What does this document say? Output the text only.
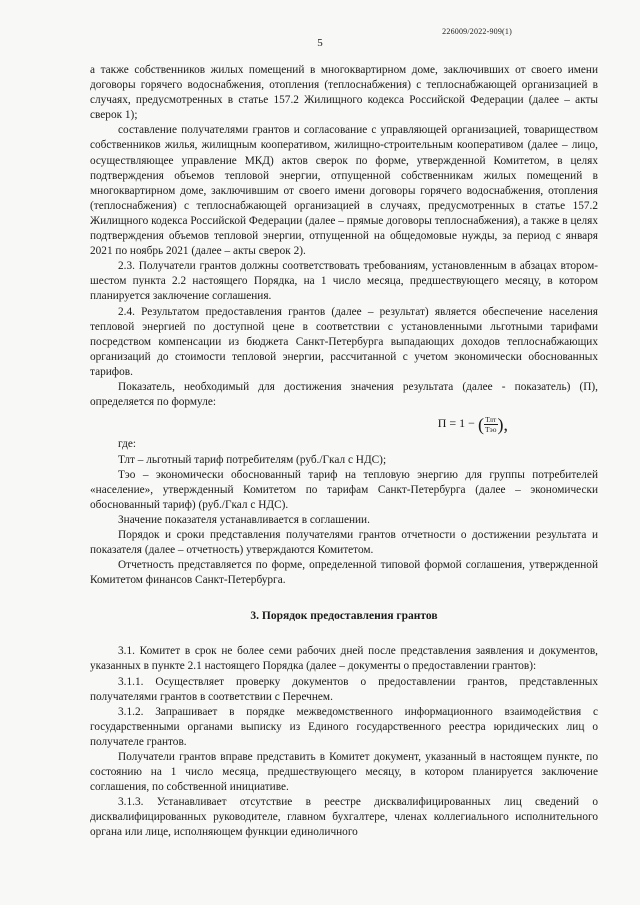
226009/2022-909(1)
5

а также собственников жилых помещений в многоквартирном доме, заключивших от своего имени договоры горячего водоснабжения, отопления (теплоснабжения) с теплоснабжающей организацией в случаях, предусмотренных в статье 157.2 Жилищного кодекса Российской Федерации (далее – акты сверок 1);

составление получателями грантов и согласование с управляющей организацией, товариществом собственников жилья, жилищным кооперативом, жилищно-строительным кооперативом (далее – лицо, осуществляющее управление МКД) актов сверок по форме, утвержденной Комитетом, в целях подтверждения объемов тепловой энергии, отпущенной собственникам жилых помещений в многоквартирном доме, заключившим от своего имени договоры горячего водоснабжения, отопления (теплоснабжения) с теплоснабжающей организацией в случаях, предусмотренных в статье 157.2 Жилищного кодекса Российской Федерации (далее – прямые договоры теплоснабжения), а также в целях подтверждения объемов тепловой энергии, отпущенной на общедомовые нужды, за период с января 2021 по ноябрь 2021 (далее – акты сверок 2).

2.3. Получатели грантов должны соответствовать требованиям, установленным в абзацах втором-шестом пункта 2.2 настоящего Порядка, на 1 число месяца, предшествующего месяцу, в котором планируется заключение соглашения.

2.4. Результатом предоставления грантов (далее – результат) является обеспечение населения тепловой энергией по доступной цене в соответствии с установленными льготными тарифами посредством компенсации из бюджета Санкт-Петербурга выпадающих доходов теплоснабжающих организаций до стоимости тепловой энергии, рассчитанной с учетом экономически обоснованных тарифов.

Показатель, необходимый для достижения значения результата (далее - показатель) (П), определяется по формуле:

П = 1 − ( $\frac{\text{Тлт}}{\text{Тэо}}$ ),

где:

Тлт – льготный тариф потребителям (руб./Гкал с НДС);

Тэо – экономически обоснованный тариф на тепловую энергию для группы потребителей «население», утвержденный Комитетом по тарифам Санкт-Петербурга (далее – экономически обоснованный тариф) (руб./Гкал с НДС).

Значение показателя устанавливается в соглашении.

Порядок и сроки представления получателями грантов отчетности о достижении результата и показателя (далее – отчетность) утверждаются Комитетом.

Отчетность представляется по форме, определенной типовой формой соглашения, утвержденной Комитетом финансов Санкт-Петербурга.

3. Порядок предоставления грантов

3.1. Комитет в срок не более семи рабочих дней после представления заявления и документов, указанных в пункте 2.1 настоящего Порядка (далее – документы о предоставлении грантов):

3.1.1. Осуществляет проверку документов о предоставлении грантов, представленных получателями грантов в соответствии с Перечнем.

3.1.2. Запрашивает в порядке межведомственного информационного взаимодействия с государственными органами выписку из Единого государственного реестра юридических лиц о получателе грантов.

Получатели грантов вправе представить в Комитет документ, указанный в настоящем пункте, по состоянию на 1 число месяца, предшествующего месяцу, в котором планируется заключение соглашения, по собственной инициативе.

3.1.3. Устанавливает отсутствие в реестре дисквалифицированных лиц сведений о дисквалифицированных руководителе, главном бухгалтере, членах коллегиального исполнительного органа или лице, исполняющем функции единоличного
